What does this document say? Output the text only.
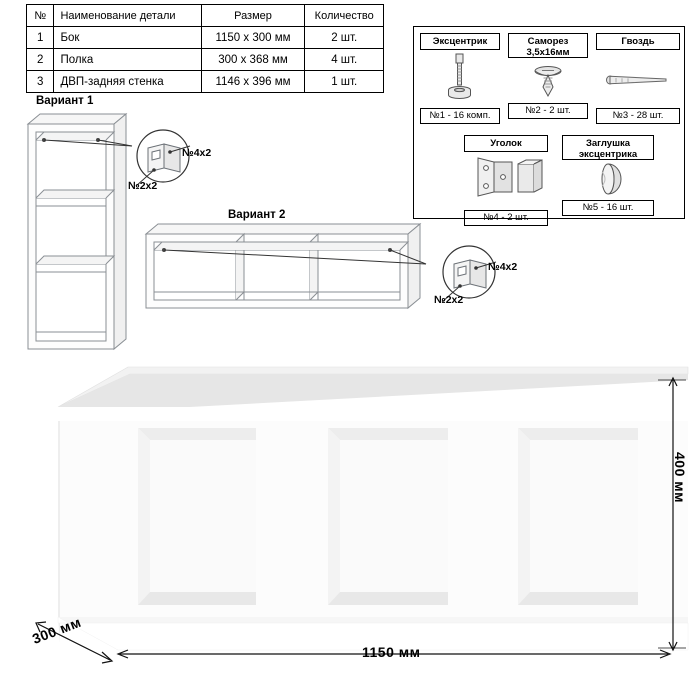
№	Наименование детали	Размер	Количество
1	Бок	1150 х 300 мм	2 шт.
2	Полка	300 х 368 мм	4 шт.
3	ДВП-задняя стенка	1146 х 396 мм	1 шт.
Эксцентрик
№1 - 16 комп.
Саморез
3,5х16мм
№2 - 2 шт.
Гвоздь
№3 - 28 шт.
Уголок
№4 - 2 шт.
Заглушка
эксцентрика
№5 - 16 шт.
Вариант 1
№4х2
№2х2
Вариант 2
№4х2
№2х2
400 мм
1150 мм
300 мм
